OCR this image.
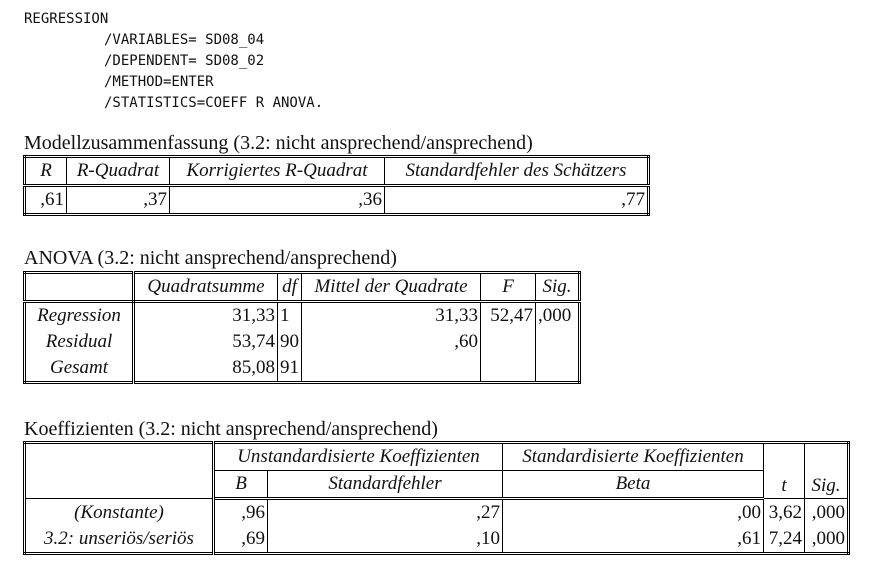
REGRESSION
/VARIABLES= SD08_04
/DEPENDENT= SD08_02
/METHOD=ENTER
/STATISTICS=COEFF R ANOVA.
Modellzusammenfassung (3.2: nicht ansprechend/ansprechend)
R	R-Quadrat	Korrigiertes R-Quadrat	Standardfehler des Schätzers
,61	,37	,36	,77
ANOVA (3.2: nicht ansprechend/ansprechend)
	Quadratsumme	df	Mittel der Quadrate	F	Sig.
Regression	31,33	1	31,33	52,47	,000
Residual	53,74	90	,60		
Gesamt	85,08	91			
Koeffizienten (3.2: nicht ansprechend/ansprechend)
	Unstandardisierte Koeffizienten		Standardisierte Koeffizienten	t	Sig.
	B	Standardfehler	Beta		
(Konstante)	,96	,27	,00	3,62	,000
3.2: unseriös/seriös	,69	,10	,61	7,24	,000
